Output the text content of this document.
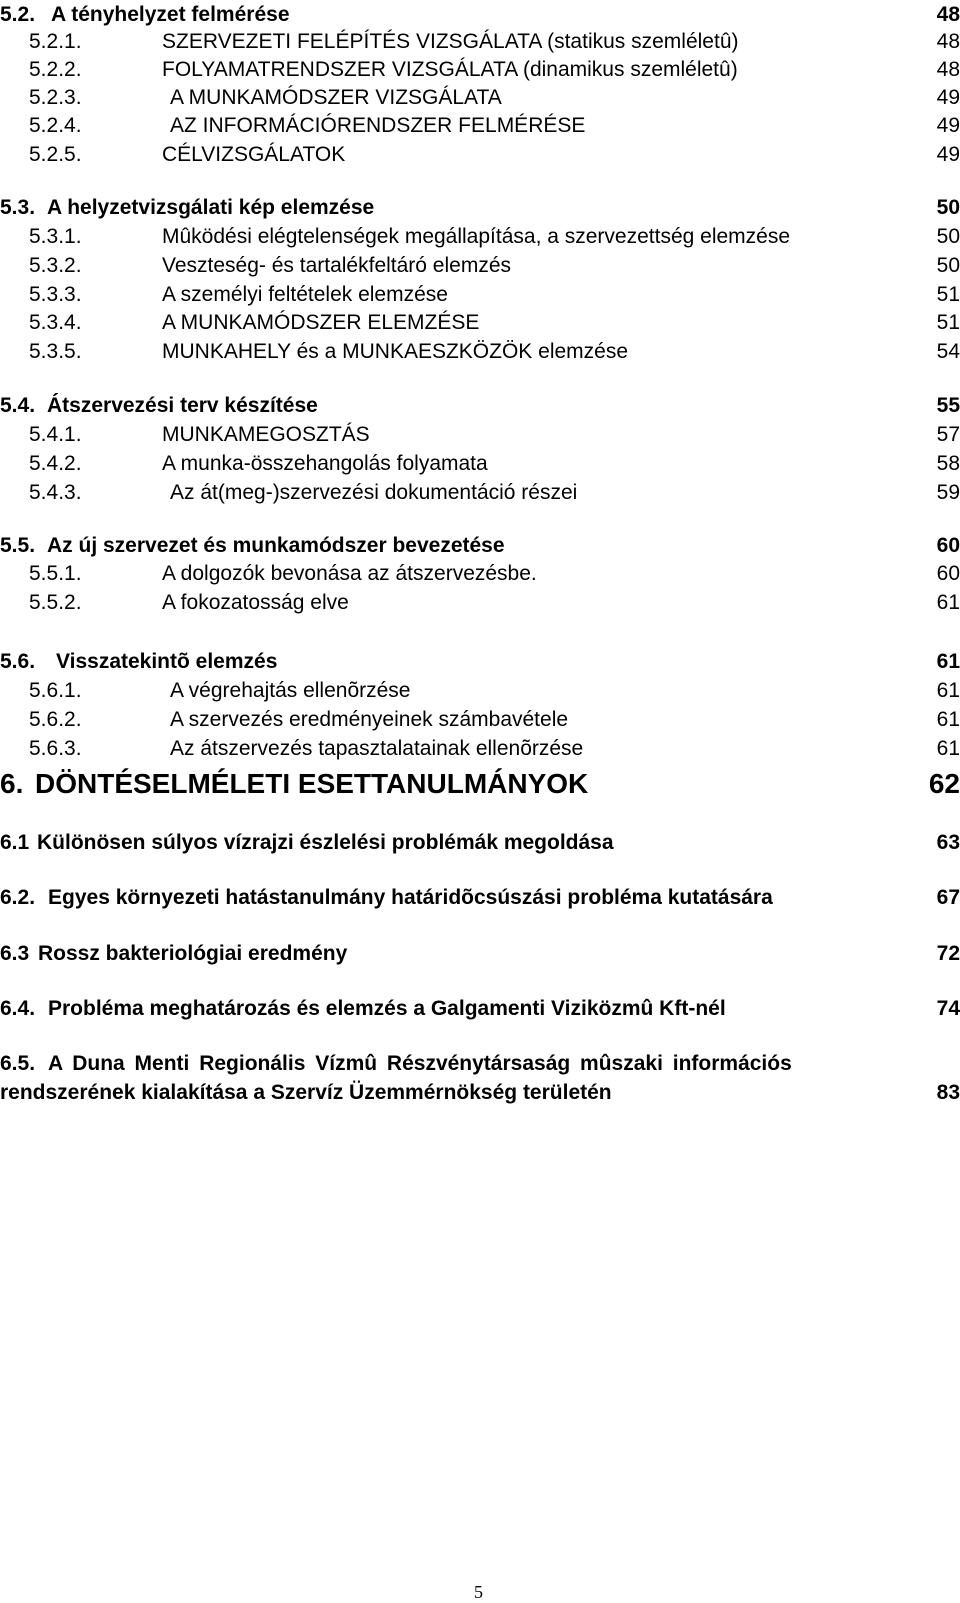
5.2. A tényhelyzet felmérése	48
5.2.1.	SZERVEZETI FELÉPÍTÉS VIZSGÁLATA (statikus szemléletû)	48
5.2.2.	FOLYAMATRENDSZER VIZSGÁLATA (dinamikus szemléletû)	48
5.2.3.	A MUNKAMÓDSZER VIZSGÁLATA	49
5.2.4.	AZ INFORMÁCIÓRENDSZER FELMÉRÉSE	49
5.2.5.	CÉLVIZSGÁLATOK	49
5.3. A helyzetvizsgálati kép elemzése	50
5.3.1.	Mûködési elégtelenségek megállapítása, a szervezettség elemzése	50
5.3.2.	Veszteség- és tartalékfeltáró elemzés	50
5.3.3.	A személyi feltételek elemzése	51
5.3.4.	A MUNKAMÓDSZER ELEMZÉSE	51
5.3.5.	MUNKAHELY és a MUNKAESZKÖZÖK elemzése	54
5.4. Átszervezési terv készítése	55
5.4.1.	MUNKAMEGOSZTÁS	57
5.4.2.	A munka-összehangolás folyamata	58
5.4.3.	Az át(meg-)szervezési dokumentáció részei	59
5.5. Az új szervezet és munkamódszer bevezetése	60
5.5.1.	A dolgozók bevonása az átszervezésbe.	60
5.5.2.	A fokozatosság elve	61
5.6. Visszatekintõ elemzés	61
5.6.1.	A végrehajtás ellenõrzése	61
5.6.2.	A szervezés eredményeinek számbavétele	61
5.6.3.	Az átszervezés tapasztalatainak ellenõrzése	61
6. DÖNTÉSELMÉLETI ESETTANULMÁNYOK	62
6.1 Különösen súlyos vízrajzi észlelési problémák megoldása	63
6.2. Egyes környezeti hatástanulmány határidõcsúszási probléma kutatására	67
6.3 Rossz bakteriológiai eredmény	72
6.4. Probléma meghatározás és elemzés a Galgamenti Viziközmû Kft-nél	74
6.5. A Duna Menti Regionális Vízmû Részvénytársaság mûszaki információs
rendszerének kialakítása a Szervíz Üzemmérnökség területén	83
5
